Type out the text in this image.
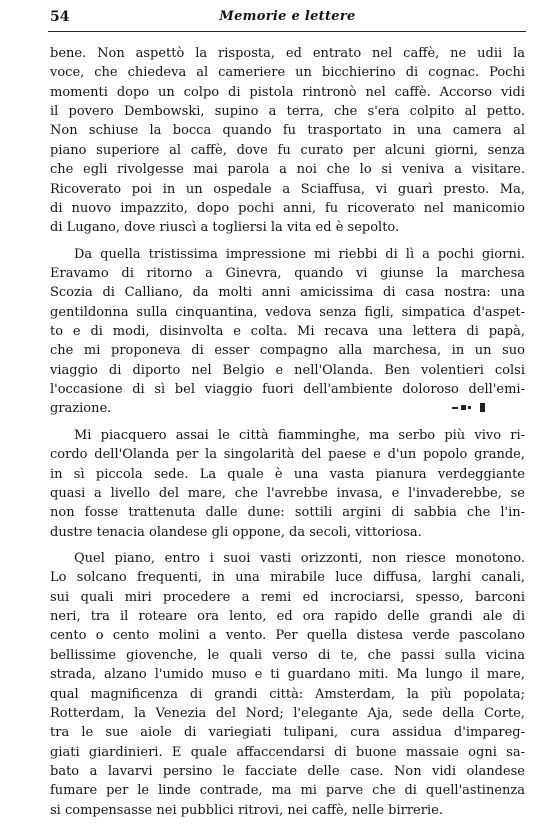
54	Memorie e lettere
bene. Non aspettò la risposta, ed entrato nel caffè, ne udii la
voce, che chiedeva al cameriere un bicchierino di cognac. Pochi
momenti dopo un colpo di pistola rintronò nel caffè. Accorso vidi
il povero Dembowski, supino a terra, che s'era colpito al petto.
Non schiuse la bocca quando fu trasportato in una camera al
piano superiore al caffè, dove fu curato per alcuni giorni, senza
che egli rivolgesse mai parola a noi che lo si veniva a visitare.
Ricoverato poi in un ospedale a Sciaffusa, vi guarì presto. Ma,
di nuovo impazzito, dopo pochi anni, fu ricoverato nel manicomio
di Lugano, dove riuscì a togliersi la vita ed è sepolto.
Da quella tristissima impressione mi riebbi di lì a pochi giorni.
Eravamo di ritorno a Ginevra, quando vi giunse la marchesa
Scozia di Calliano, da molti anni amicissima di casa nostra: una
gentildonna sulla cinquantina, vedova senza figli, simpatica d'aspet-
to e di modi, disinvolta e colta. Mi recava una lettera di papà,
che mi proponeva di esser compagno alla marchesa, in un suo
viaggio di diporto nel Belgio e nell'Olanda. Ben volentieri colsi
l'occasione di sì bel viaggio fuori dell'ambiente doloroso dell'emi-
grazione.
Mi piacquero assai le città fiamminghe, ma serbo più vivo ri-
cordo dell'Olanda per la singolarità del paese e d'un popolo grande,
in sì piccola sede. La quale è una vasta pianura verdeggiante
quasi a livello del mare, che l'avrebbe invasa, e l'invaderebbe, se
non fosse trattenuta dalle dune: sottili argini di sabbia che l'in-
dustre tenacia olandese gli oppone, da secoli, vittoriosa.
Quel piano, entro i suoi vasti orizzonti, non riesce monotono.
Lo solcano frequenti, in una mirabile luce diffusa, larghi canali,
sui quali miri procedere a remi ed incrociarsi, spesso, barconi
neri, tra il roteare ora lento, ed ora rapido delle grandi ale di
cento o cento molini a vento. Per quella distesa verde pascolano
bellissime giovenche, le quali verso di te, che passi sulla vicina
strada, alzano l'umido muso e ti guardano miti. Ma lungo il mare,
qual magnificenza di grandi città: Amsterdam, la più popolata;
Rotterdam, la Venezia del Nord; l'elegante Aja, sede della Corte,
tra le sue aiole di variegiati tulipani, cura assidua d'impareg-
giati giardinieri. E quale affaccendarsi di buone massaie ogni sa-
bato a lavarvi persino le facciate delle case. Non vidi olandese
fumare per le linde contrade, ma mi parve che di quell'astinenza
si compensasse nei pubblici ritrovi, nei caffè, nelle birrerie.
